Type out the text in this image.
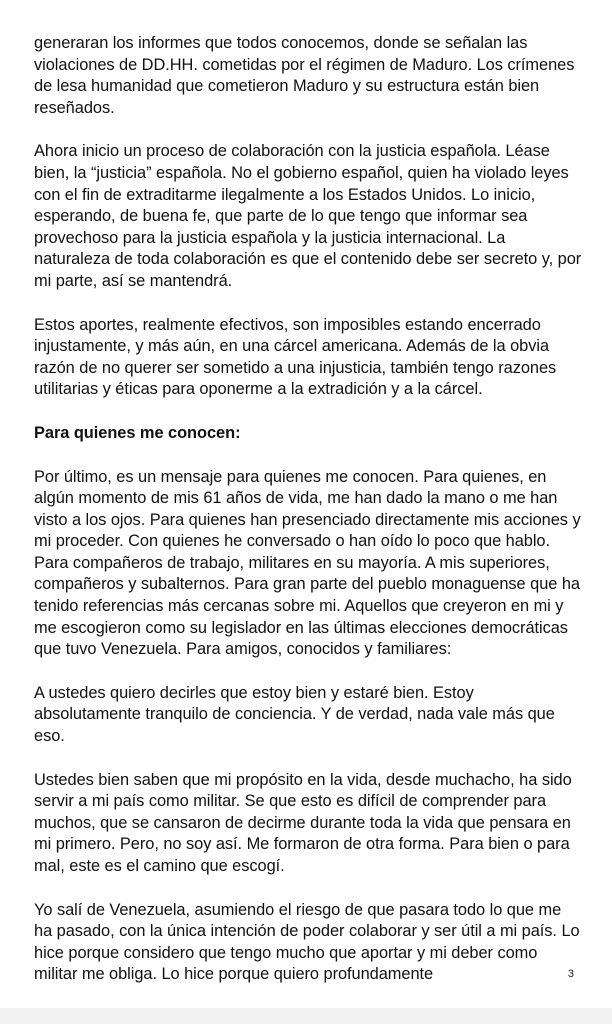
generaran los informes que todos conocemos, donde se señalan las violaciones de DD.HH. cometidas por el régimen de Maduro. Los crímenes de lesa humanidad que cometieron Maduro y su estructura están bien reseñados.

Ahora inicio un proceso de colaboración con la justicia española. Léase bien, la “justicia” española. No el gobierno español, quien ha violado leyes con el fin de extraditarme ilegalmente a los Estados Unidos. Lo inicio, esperando, de buena fe, que parte de lo que tengo que informar sea provechoso para la justicia española y la justicia internacional. La naturaleza de toda colaboración es que el contenido debe ser secreto y, por mi parte, así se mantendrá.

Estos aportes, realmente efectivos, son imposibles estando encerrado injustamente, y más aún, en una cárcel americana. Además de la obvia razón de no querer ser sometido a una injusticia, también tengo razones utilitarias y éticas para oponerme a la extradición y a la cárcel.

Para quienes me conocen:

Por último, es un mensaje para quienes me conocen. Para quienes, en algún momento de mis 61 años de vida, me han dado la mano o me han visto a los ojos. Para quienes han presenciado directamente mis acciones y mi proceder. Con quienes he conversado o han oído lo poco que hablo. Para compañeros de trabajo, militares en su mayoría. A mis superiores, compañeros y subalternos. Para gran parte del pueblo monaguense que ha tenido referencias más cercanas sobre mi. Aquellos que creyeron en mi y me escogieron como su legislador en las últimas elecciones democráticas que tuvo Venezuela. Para amigos, conocidos y familiares:

A ustedes quiero decirles que estoy bien y estaré bien. Estoy absolutamente tranquilo de conciencia. Y de verdad, nada vale más que eso.

Ustedes bien saben que mi propósito en la vida, desde muchacho, ha sido servir a mi país como militar. Se que esto es difícil de comprender para muchos, que se cansaron de decirme durante toda la vida que pensara en mi primero. Pero, no soy así. Me formaron de otra forma. Para bien o para mal, este es el camino que escogí.

Yo salí de Venezuela, asumiendo el riesgo de que pasara todo lo que me ha pasado, con la única intención de poder colaborar y ser útil a mi país. Lo hice porque considero que tengo mucho que aportar y mi deber como militar me obliga. Lo hice porque quiero profundamente	3
